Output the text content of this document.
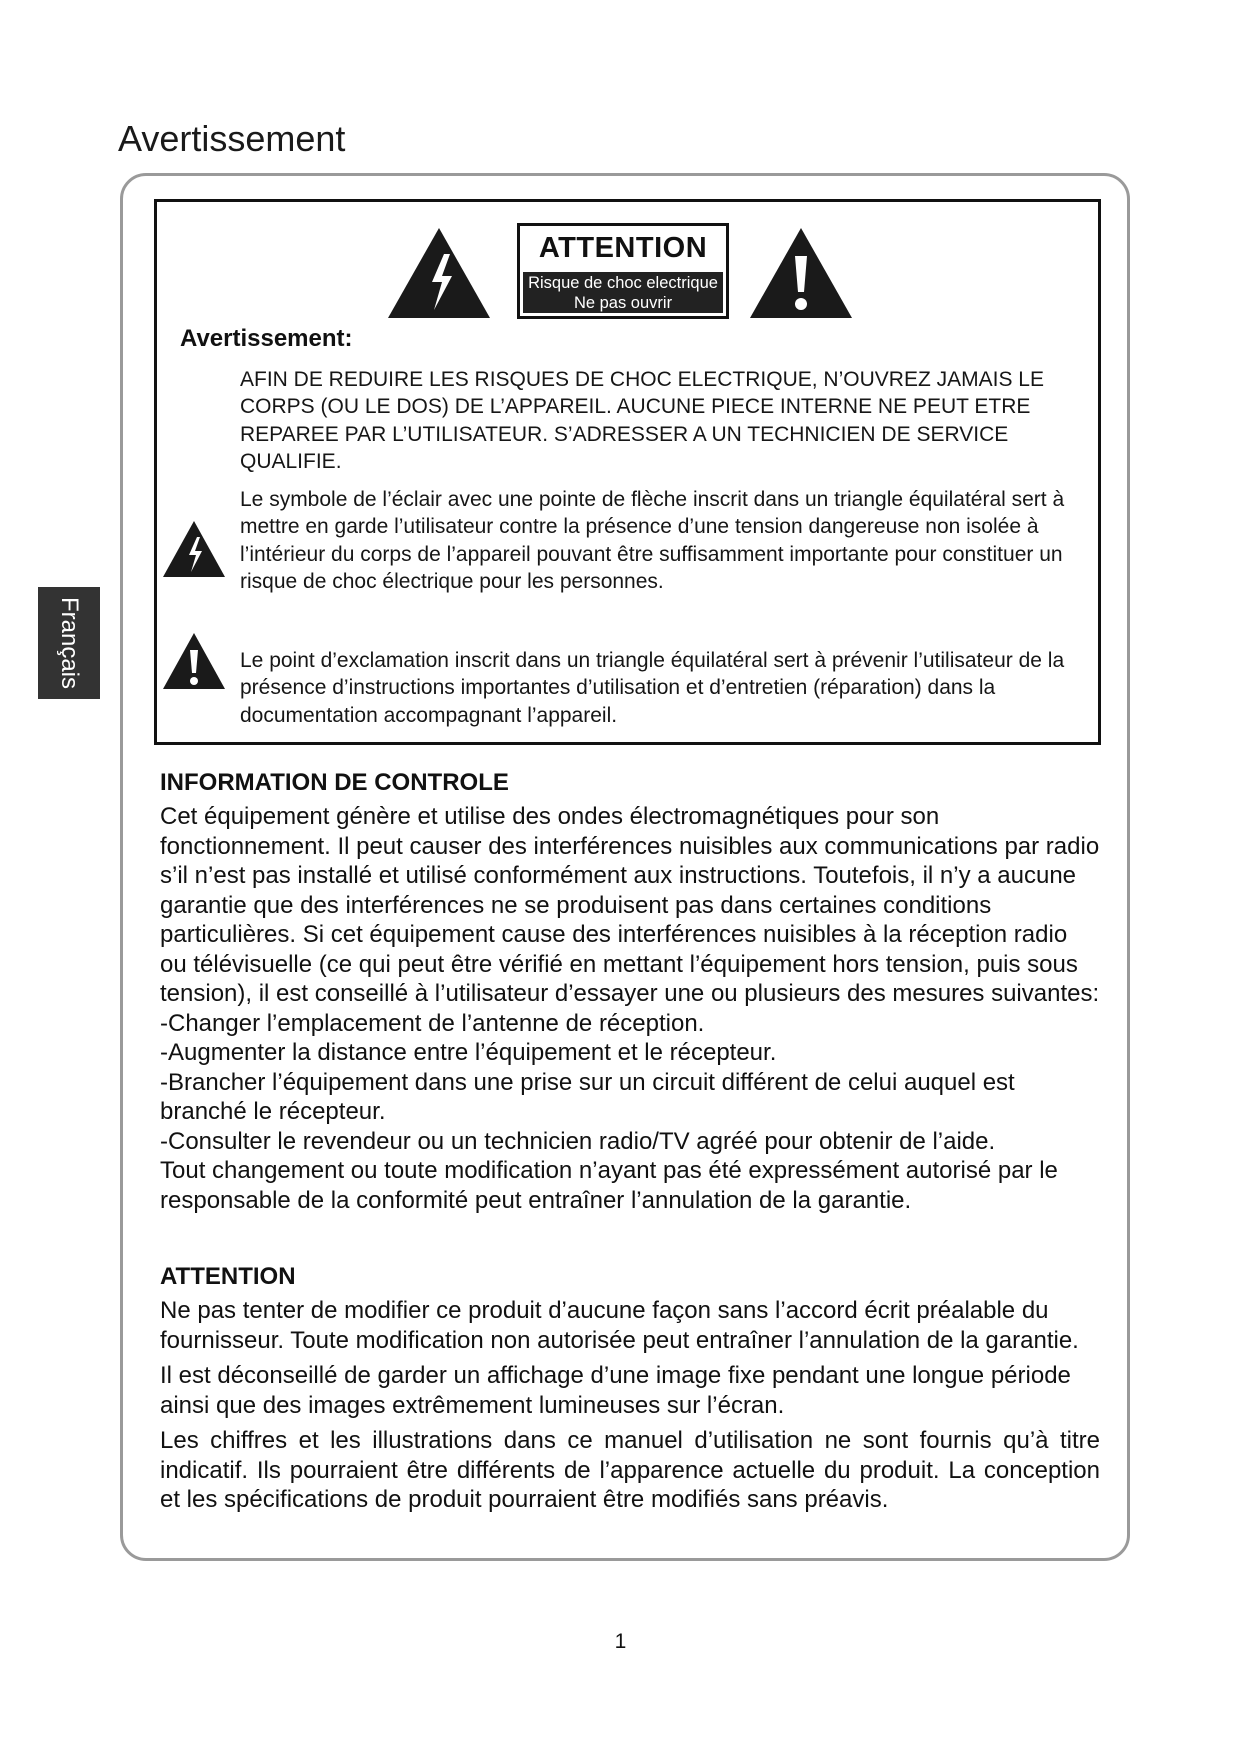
Avertissement
Français
ATTENTION
Risque de choc electrique
Ne pas ouvrir
Avertissement:
AFIN DE REDUIRE LES RISQUES DE CHOC ELECTRIQUE, N’OUVREZ JAMAIS LE CORPS (OU LE DOS) DE L’APPAREIL. AUCUNE PIECE INTERNE NE PEUT ETRE REPAREE PAR L’UTILISATEUR. S’ADRESSER A UN TECHNICIEN DE SERVICE QUALIFIE.
Le symbole de l’éclair avec une pointe de flèche inscrit dans un triangle équilatéral sert à mettre en garde l’utilisateur contre la présence d’une tension dangereuse non isolée à l’intérieur du corps de l’appareil pouvant être suffisamment importante pour constituer un risque de choc électrique pour les personnes.
Le point d’exclamation inscrit dans un triangle équilatéral sert à prévenir l’utilisateur de la présence d’instructions importantes d’utilisation et d’entretien (réparation) dans la documentation accompagnant l’appareil.
INFORMATION DE CONTROLE

Cet équipement génère et utilise des ondes électromagnétiques pour son fonctionnement. Il peut causer des interférences nuisibles aux communications par radio s’il n’est pas installé et utilisé conformément aux instructions. Toutefois, il n’y a aucune garantie que des interférences ne se produisent pas dans certaines conditions particulières. Si cet équipement cause des interférences nuisibles à la réception radio ou télévisuelle (ce qui peut être vérifié en mettant l’équipement hors tension, puis sous tension), il est conseillé à l’utilisateur d’essayer une ou plusieurs des mesures suivantes:

-Changer l’emplacement de l’antenne de réception.

-Augmenter la distance entre l’équipement et le récepteur.

-Brancher l’équipement dans une prise sur un circuit différent de celui auquel est branché le récepteur.

-Consulter le revendeur ou un technicien radio/TV agréé pour obtenir de l’aide.

Tout changement ou toute modification n’ayant pas été expressément autorisé par le responsable de la conformité peut entraîner l’annulation de la garantie.

ATTENTION

Ne pas tenter de modifier ce produit d’aucune façon sans l’accord écrit préalable du fournisseur. Toute modification non autorisée peut entraîner l’annulation de la garantie.

Il est déconseillé de garder un affichage d’une image fixe pendant une longue période ainsi que des images extrêmement lumineuses sur l’écran.

Les chiffres et les illustrations dans ce manuel d’utilisation ne sont fournis qu’à titre indicatif. Ils pourraient être différents de l’apparence actuelle du produit. La conception et les spécifications de produit pourraient être modifiés sans préavis.

1
